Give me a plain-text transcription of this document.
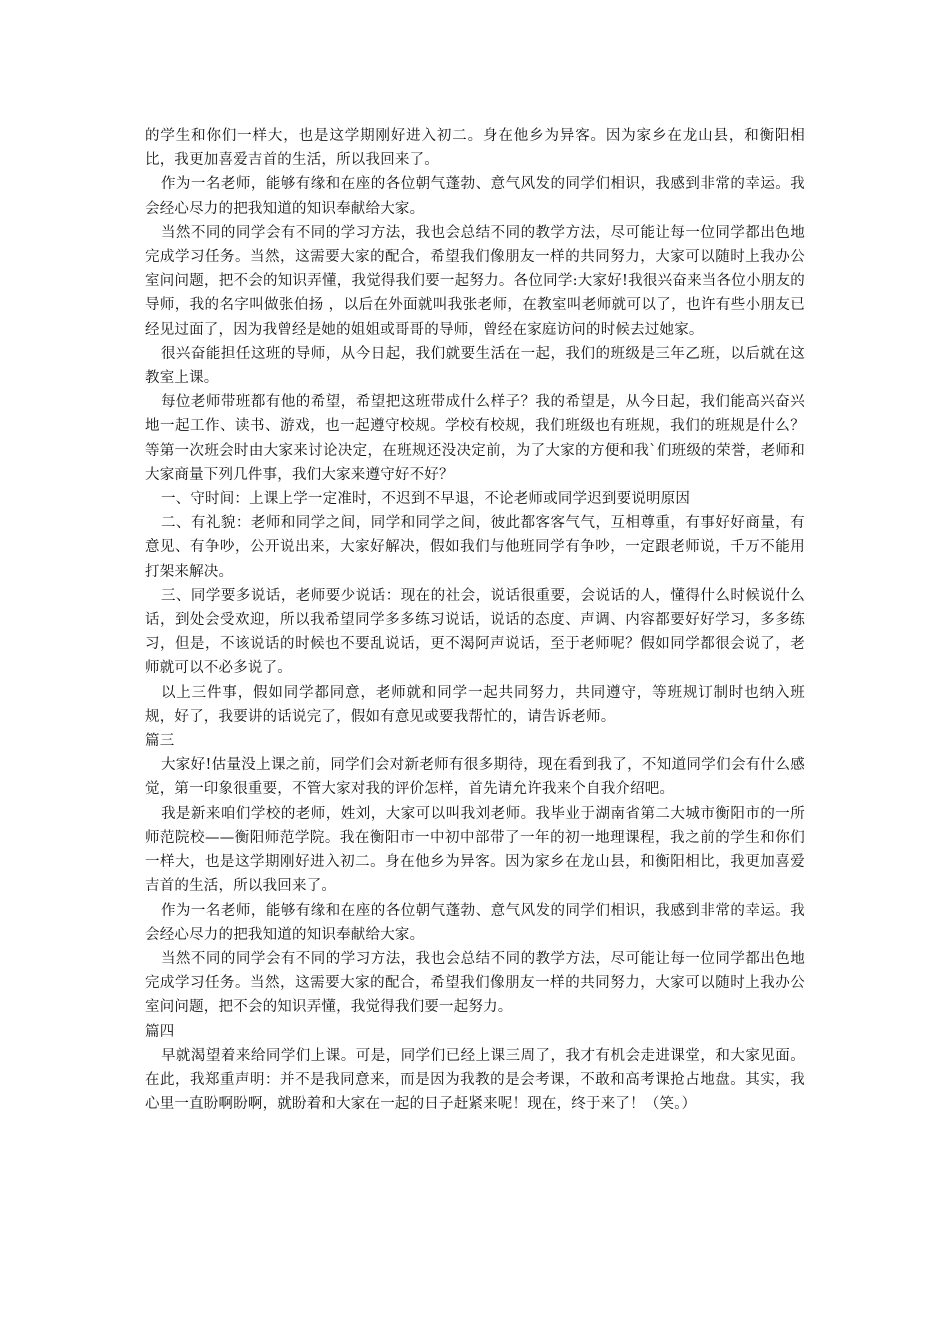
的学生和你们一样大，也是这学期刚好进入初二。身在他乡为异客。因为家乡在龙山县，和衡阳相比，我更加喜爱吉首的生活，所以我回来了。

作为一名老师，能够有缘和在座的各位朝气蓬勃、意气风发的同学们相识，我感到非常的幸运。我会经心尽力的把我知道的知识奉献给大家。

当然不同的同学会有不同的学习方法，我也会总结不同的教学方法，尽可能让每一位同学都出色地完成学习任务。当然，这需要大家的配合，希望我们像朋友一样的共同努力，大家可以随时上我办公室问问题，把不会的知识弄懂，我觉得我们要一起努力。各位同学:大家好!我很兴奋来当各位小朋友的导师，我的名字叫做张伯扬 ，以后在外面就叫我张老师，在教室叫老师就可以了，也许有些小朋友已经见过面了，因为我曾经是她的姐姐或哥哥的导师，曾经在家庭访问的时候去过她家。

很兴奋能担任这班的导师，从今日起，我们就要生活在一起，我们的班级是三年乙班，以后就在这教室上课。

每位老师带班都有他的希望，希望把这班带成什么样子？我的希望是，从今日起，我们能高兴奋兴地一起工作、读书、游戏，也一起遵守校规。学校有校规，我们班级也有班规，我们的班规是什么？等第一次班会时由大家来讨论决定，在班规还没决定前，为了大家的方便和我`们班级的荣誉，老师和大家商量下列几件事，我们大家来遵守好不好？

一、守时间：上课上学一定准时，不迟到不早退，不论老师或同学迟到要说明原因

二、有礼貌：老师和同学之间，同学和同学之间，彼此都客客气气，互相尊重，有事好好商量，有意见、有争吵，公开说出来，大家好解决，假如我们与他班同学有争吵，一定跟老师说，千万不能用打架来解决。

三、同学要多说话，老师要少说话：现在的社会，说话很重要，会说话的人，懂得什么时候说什么话，到处会受欢迎，所以我希望同学多多练习说话，说话的态度、声调、内容都要好好学习，多多练习，但是，不该说话的时候也不要乱说话，更不渴阿声说话，至于老师呢？假如同学都很会说了，老师就可以不必多说了。

以上三件事，假如同学都同意，老师就和同学一起共同努力，共同遵守，等班规订制时也纳入班规，好了，我要讲的话说完了，假如有意见或要我帮忙的，请告诉老师。

篇三

大家好!估量没上课之前，同学们会对新老师有很多期待，现在看到我了，不知道同学们会有什么感觉，第一印象很重要，不管大家对我的评价怎样，首先请允许我来个自我介绍吧。

我是新来咱们学校的老师，姓刘，大家可以叫我刘老师。我毕业于湖南省第二大城市衡阳市的一所师范院校——衡阳师范学院。我在衡阳市一中初中部带了一年的初一地理课程，我之前的学生和你们一样大，也是这学期刚好进入初二。身在他乡为异客。因为家乡在龙山县，和衡阳相比，我更加喜爱吉首的生活，所以我回来了。

作为一名老师，能够有缘和在座的各位朝气蓬勃、意气风发的同学们相识，我感到非常的幸运。我会经心尽力的把我知道的知识奉献给大家。

当然不同的同学会有不同的学习方法，我也会总结不同的教学方法，尽可能让每一位同学都出色地完成学习任务。当然，这需要大家的配合，希望我们像朋友一样的共同努力，大家可以随时上我办公室问问题，把不会的知识弄懂，我觉得我们要一起努力。

篇四

早就渴望着来给同学们上课。可是，同学们已经上课三周了，我才有机会走进课堂，和大家见面。在此，我郑重声明：并不是我同意来，而是因为我教的是会考课，不敢和高考课抢占地盘。其实，我心里一直盼啊盼啊，就盼着和大家在一起的日子赶紧来呢！现在，终于来了！（笑。）
